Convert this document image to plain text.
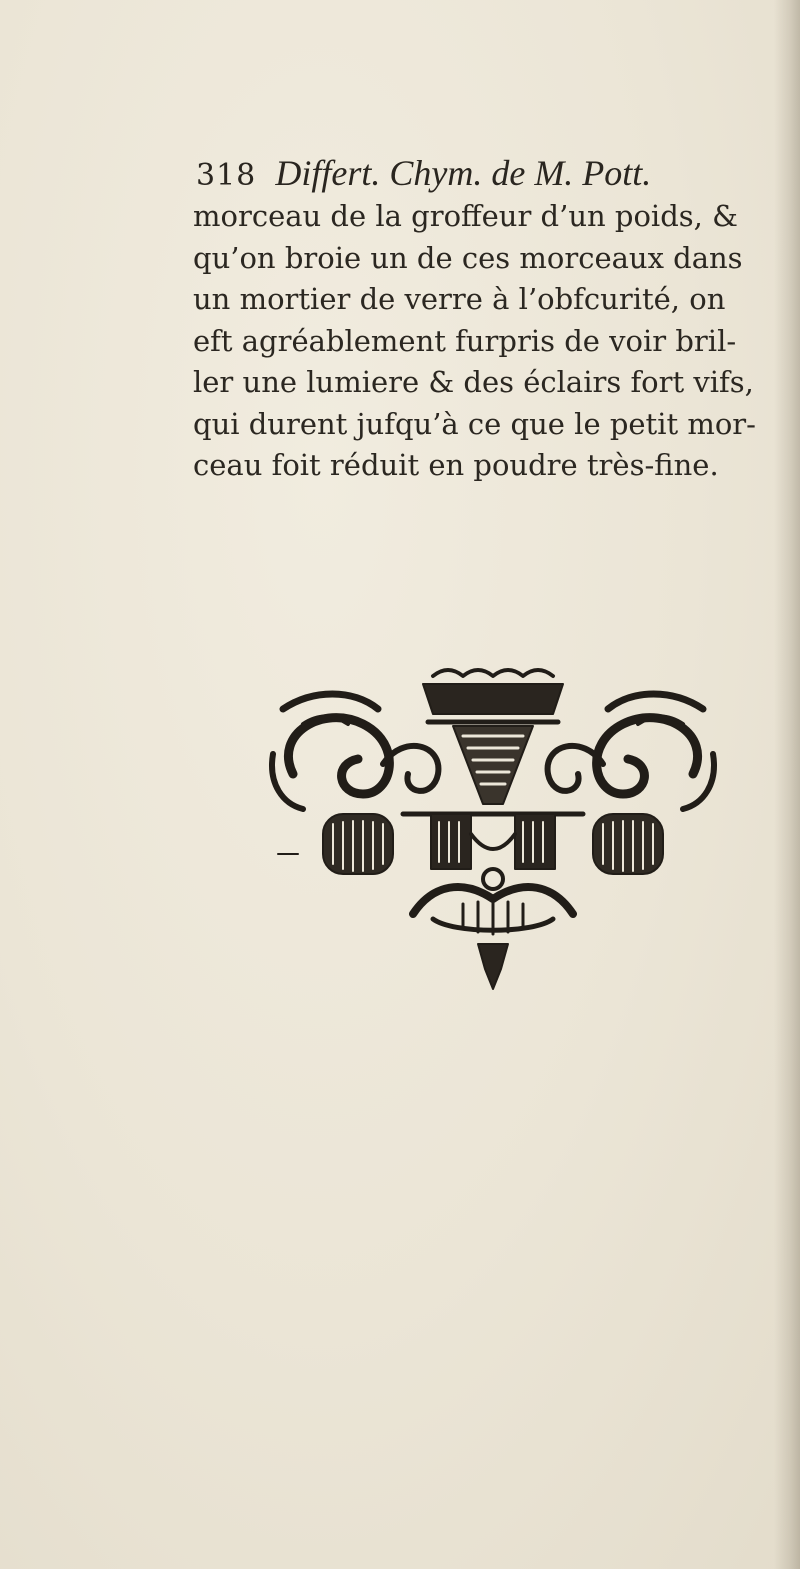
318 Differt. Chym. de M. Pott.
morceau de la groffeur d’un poids, &
qu’on broie un de ces morceaux dans
un mortier de verre à l’obfcurité, on
eft agréablement furpris de voir bril-
ler une lumiere & des éclairs fort vifs,
qui durent jufqu’à ce que le petit mor-
ceau foit réduit en poudre très-fine.
